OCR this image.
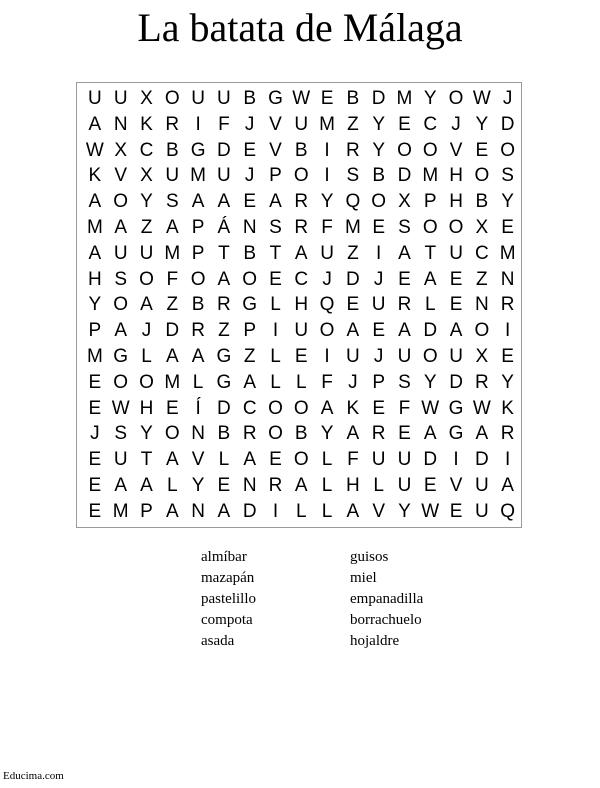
La batata de Málaga
U U X O U U B G W E B D M Y O W J
A N K R I F J V U M Z Y E C J Y D
W X C B G D E V B I R Y O O V E O
K V X U M U J P O I S B D M H O S
A O Y S A A E A R Y Q O X P H B Y
M A Z A P Á N S R F M E S O O X E
A U U M P T B T A U Z I A T U C M
H S O F O A O E C J D J E A E Z N
Y O A Z B R G L H Q E U R L E N R
P A J D R Z P I U O A E A D A O I
M G L A A G Z L E I U J U O U X E
E O O M L G A L L F J P S Y D R Y
E W H E Í D C O O A K E F W G W K
J S Y O N B R O B Y A R E A G A R
E U T A V L A E O L F U U D I D I
E A A L Y E N R A L H L U E V U A
E M P A N A D I L L A V Y W E U Q
almíbar
mazapán
pastelillo
compota
asada
guisos
miel
empanadilla
borrachuelo
hojaldre
Educima.com
